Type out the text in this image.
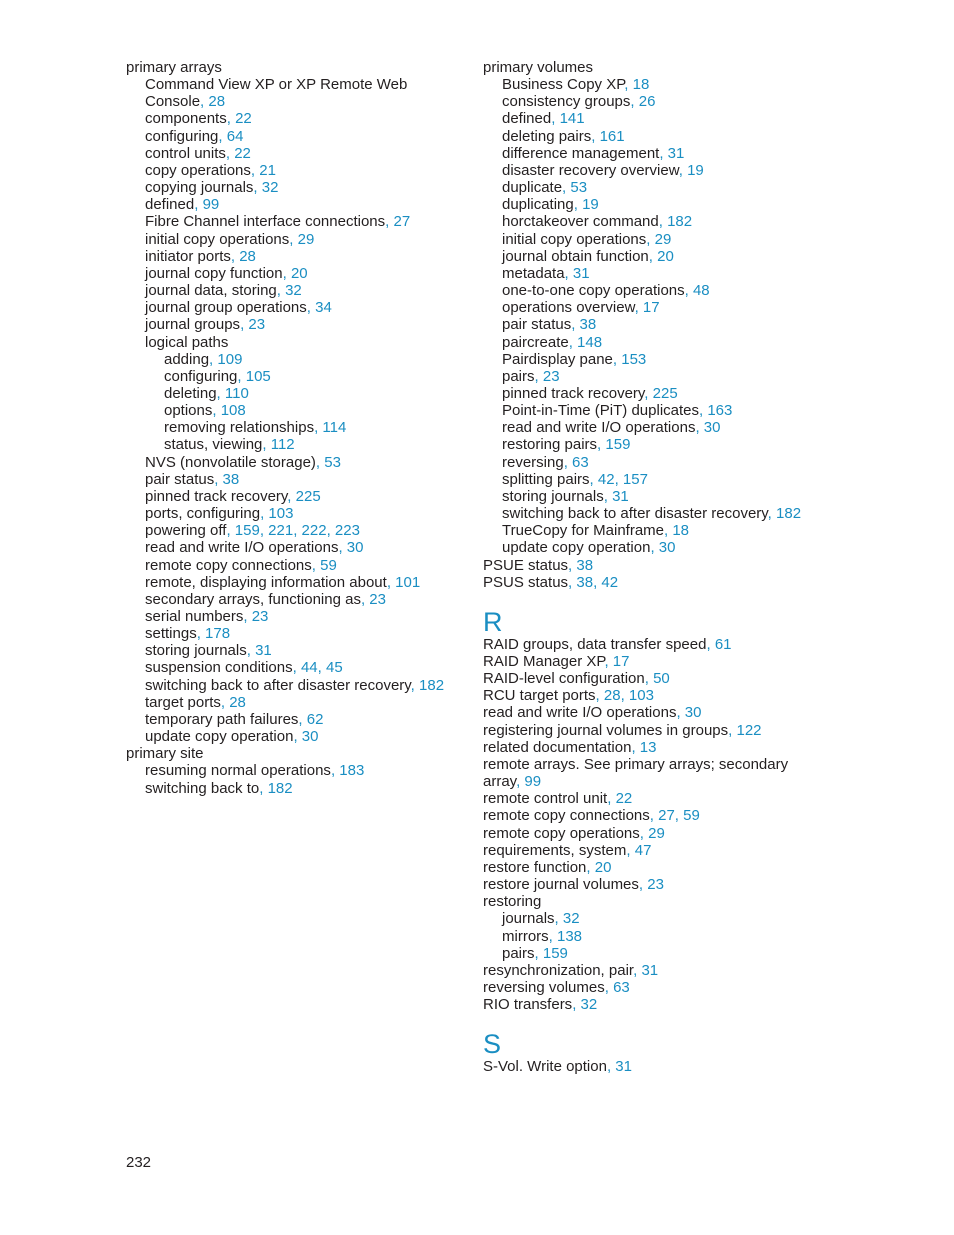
primary arrays
Command View XP or XP Remote Web
Console, 28
components, 22
configuring, 64
control units, 22
copy operations, 21
copying journals, 32
defined, 99
Fibre Channel interface connections, 27
initial copy operations, 29
initiator ports, 28
journal copy function, 20
journal data, storing, 32
journal group operations, 34
journal groups, 23
logical paths
adding, 109
configuring, 105
deleting, 110
options, 108
removing relationships, 114
status, viewing, 112
NVS (nonvolatile storage), 53
pair status, 38
pinned track recovery, 225
ports, configuring, 103
powering off, 159, 221, 222, 223
read and write I/O operations, 30
remote copy connections, 59
remote, displaying information about, 101
secondary arrays, functioning as, 23
serial numbers, 23
settings, 178
storing journals, 31
suspension conditions, 44, 45
switching back to after disaster recovery, 182
target ports, 28
temporary path failures, 62
update copy operation, 30
primary site
resuming normal operations, 183
switching back to, 182
primary volumes
Business Copy XP, 18
consistency groups, 26
defined, 141
deleting pairs, 161
difference management, 31
disaster recovery overview, 19
duplicate, 53
duplicating, 19
horctakeover command, 182
initial copy operations, 29
journal obtain function, 20
metadata, 31
one-to-one copy operations, 48
operations overview, 17
pair status, 38
paircreate, 148
Pairdisplay pane, 153
pairs, 23
pinned track recovery, 225
Point-in-Time (PiT) duplicates, 163
read and write I/O operations, 30
restoring pairs, 159
reversing, 63
splitting pairs, 42, 157
storing journals, 31
switching back to after disaster recovery, 182
TrueCopy for Mainframe, 18
update copy operation, 30
PSUE status, 38
PSUS status, 38, 42
R
RAID groups, data transfer speed, 61
RAID Manager XP, 17
RAID-level configuration, 50
RCU target ports, 28, 103
read and write I/O operations, 30
registering journal volumes in groups, 122
related documentation, 13
remote arrays. See primary arrays; secondary
array, 99
remote control unit, 22
remote copy connections, 27, 59
remote copy operations, 29
requirements, system, 47
restore function, 20
restore journal volumes, 23
restoring
journals, 32
mirrors, 138
pairs, 159
resynchronization, pair, 31
reversing volumes, 63
RIO transfers, 32
S
S-Vol. Write option, 31
232
